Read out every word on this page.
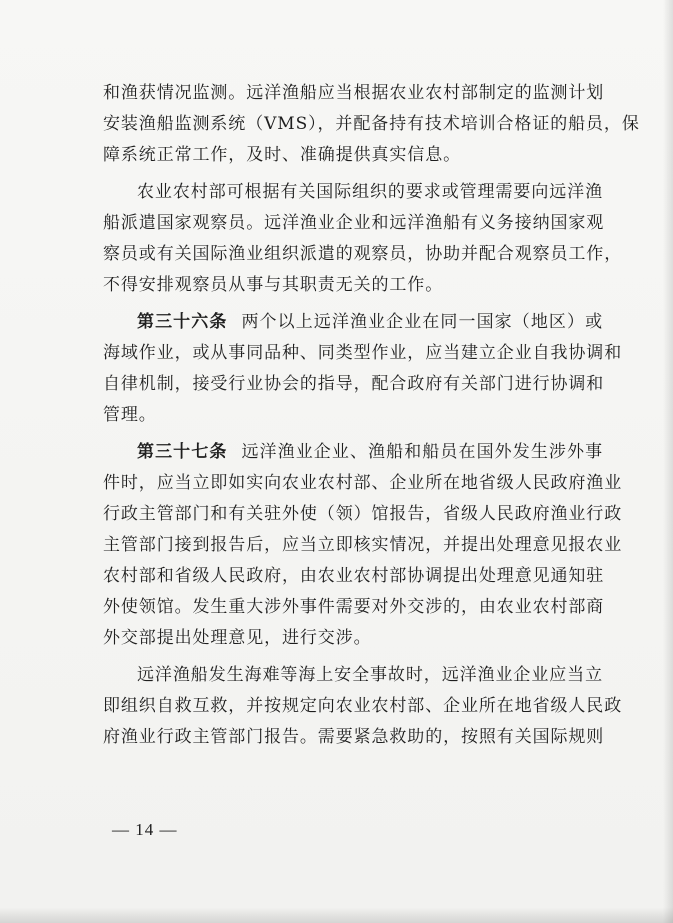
和渔获情况监测。远洋渔船应当根据农业农村部制定的监测计划
安装渔船监测系统（VMS），并配备持有技术培训合格证的船员，保
障系统正常工作，及时、准确提供真实信息。
农业农村部可根据有关国际组织的要求或管理需要向远洋渔
船派遣国家观察员。远洋渔业企业和远洋渔船有义务接纳国家观
察员或有关国际渔业组织派遣的观察员，协助并配合观察员工作，
不得安排观察员从事与其职责无关的工作。
第三十六条 两个以上远洋渔业企业在同一国家（地区）或
海域作业，或从事同品种、同类型作业，应当建立企业自我协调和
自律机制，接受行业协会的指导，配合政府有关部门进行协调和
管理。
第三十七条 远洋渔业企业、渔船和船员在国外发生涉外事
件时，应当立即如实向农业农村部、企业所在地省级人民政府渔业
行政主管部门和有关驻外使（领）馆报告，省级人民政府渔业行政
主管部门接到报告后，应当立即核实情况，并提出处理意见报农业
农村部和省级人民政府，由农业农村部协调提出处理意见通知驻
外使领馆。发生重大涉外事件需要对外交涉的，由农业农村部商
外交部提出处理意见，进行交涉。
远洋渔船发生海难等海上安全事故时，远洋渔业企业应当立
即组织自救互救，并按规定向农业农村部、企业所在地省级人民政
府渔业行政主管部门报告。需要紧急救助的，按照有关国际规则
— 14 —
